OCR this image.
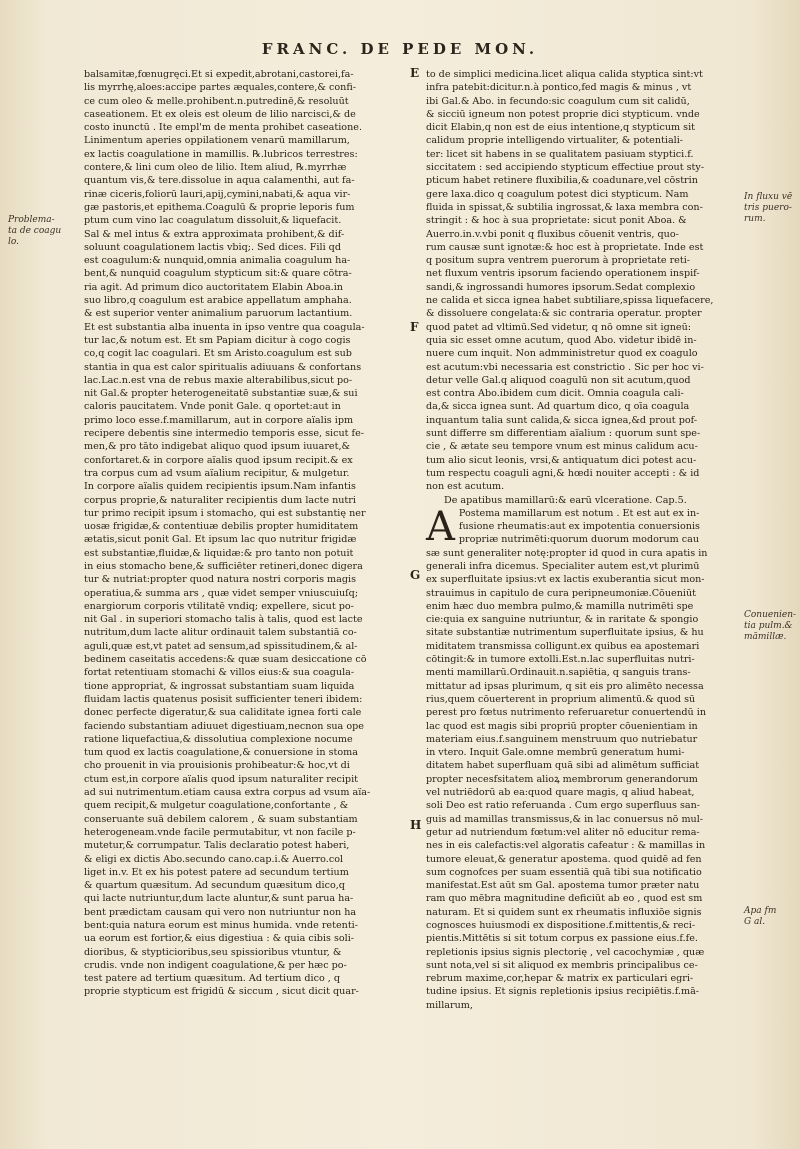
FRANC. DE PEDE MON.
E
F
G
H
Problema-
ta de coagu
lo.
In fluxu vē
tris puero-
rum.
Conuenien-
tia pulm.&
māmillæ.
Apa fm
G al.
balsamitæ,fœnugręci.Et si expedit,abrotani,castorei,fa-
lis myrrhę,aloes:accipe partes æquales,contere,& confi-
ce cum oleo & melle.prohibent.n.putredinē,& resoluūt
caseationem. Et ex oleis est oleum de lilio narcisci,& de
costo inunctū . Ite empl'm de menta prohibet caseatione.
Linimentum aperies oppilationem venarū mamillarum,
ex lactis coagulatione in mamillis. ℞.lubricos terrestres:
contere,& lini cum oleo de lilio. Item aliud, ℞.myrrhæ
quantum vis,& tere.dissolue in aqua calamenthi, aut fa-
rinæ ciceris,foliorū lauri,apij,cymini,nabati,& aqua vir-
gæ pastoris,et epithema.Coagulū & proprie leporis fum
ptum cum vino lac coagulatum dissoluit,& liquefacit.
Sal & mel intus & extra approximata prohibent,& dif-
soluunt coagulationem lactis vbiq;. Sed dices. Fili qd
est coagulum:& nunquid,omnia animalia coagulum ha-
bent,& nunquid coagulum stypticum sit:& quare cōtra-
ria agit. Ad primum dico auctoritatem Elabin Aboa.in
suo libro,q coagulum est arabice appellatum amphaha.
& est superior venter animalium paruorum lactantium.
Et est substantia alba inuenta in ipso ventre qua coagula-
tur lac,& notum est. Et sm Papiam dicitur à cogo cogis
co,q cogit lac coagulari. Et sm Aristo.coagulum est sub
stantia in qua est calor spiritualis adiuuans & confortans
lac.Lac.n.est vna de rebus maxie alterabilibus,sicut po-
nit Gal.& propter heterogeneitatē substantiæ suæ,& sui
caloris paucitatem. Vnde ponit Gale. q oportet:aut in
primo loco esse.f.mamillarum, aut in corpore aïalis ipm
recipere debentis sine intermedio temporis esse, sicut fe-
men,& pro tāto indigebat aliquo quod ipsum iuuaret,&
confortaret.& in corpore aïalis quod ipsum recipit.& ex
tra corpus cum ad vsum aïalium recipitur, & mulgetur.
In corpore aïalis quidem recipientis ipsum.Nam infantis
corpus proprie,& naturaliter recipientis dum lacte nutri
tur primo recipit ipsum i stomacho, qui est substantię ner
uosæ frigidæ,& contentiuæ debilis propter humiditatem
ætatis,sicut ponit Gal. Et ipsum lac quo nutritur frigidæ
est substantiæ,fluidæ,& liquidæ:& pro tanto non potuit
in eius stomacho bene,& sufficiēter retineri,donec digera
tur & nutriat:propter quod natura nostri corporis magis
operatiua,& summa ars , quæ videt semper vniuscuiuſq;
enargiorum corporis vtilitatē vndiq; expellere, sicut po-
nit Gal . in superiori stomacho talis à talis, quod est lacte
nutritum,dum lacte alitur ordinauit talem substantiā co-
aguli,quæ est,vt patet ad sensum,ad spissitudinem,& al-
bedinem caseitatis accedens:& quæ suam desiccatione cō
fortat retentiuam stomachi & villos eius:& sua coagula-
tione appropriat, & ingrossat substantiam suam liquida
fluidam lactis quatenus posisit sufficienter teneri ibidem:
donec perfecte digeratur,& sua caliditate ignea forti cale
faciendo substantiam adiuuet digestiuam,necnon sua ope
ratione liquefactiua,& dissolutiua complexione nocume
tum quod ex lactis coagulatione,& conuersione in stoma
cho prouenit in via prouisionis prohibeatur:& hoc,vt di
ctum est,in corpore aïalis quod ipsum naturaliter recipit
ad sui nutrimentum.etiam causa extra corpus ad vsum aïa-
quem recipit,& mulgetur coagulatione,confortante , &
conseruante suā debilem calorem , & suam substantiam
heterogeneam.vnde facile permutabitur, vt non facile p-
mutetur,& corrumpatur. Talis declaratio potest haberi,
& eligi ex dictis Abo.secundo cano.cap.i.& Auerro.col
liget in.v. Et ex his potest patere ad secundum tertium
& quartum quæsitum. Ad secundum quæsitum dico,q
qui lacte nutriuntur,dum lacte aluntur,& sunt parua ha-
bent prædictam causam qui vero non nutriuntur non ha
bent:quia natura eorum est minus humida. vnde retenti-
ua eorum est fortior,& eius digestiua : & quia cibis soli-
dioribus, & stypticioribus,seu spissioribus vtuntur, &
crudis. vnde non indigent coagulatione,& per hæc po-
test patere ad tertium quæsitum. Ad tertium dico , q
proprie stypticum est frigidū & siccum , sicut dicit quar-
to de simplici medicina.licet aliqua calida styptica sint:vt
infra patebit:dicitur.n.à pontico,fed magis & minus , vt
ibi Gal.& Abo. in fecundo:sic coagulum cum sit calidū,
& sicciū igneum non potest proprie dici stypticum. vnde
dicit Elabin,q non est de eius intentione,q stypticum sit
calidum proprie intelligendo virtualiter, & potentiali-
ter: licet sit habens in se qualitatem pasiuam styptici.f.
siccitatem : sed accipiendo stypticum effectiue prout sty-
pticum habet retinere fluxibilia,& coadunare,vel cōstrin
gere laxa.dico q coagulum potest dici stypticum. Nam
fluida in spissat,& subtilia ingrossat,& laxa membra con-
stringit : & hoc à sua proprietate: sicut ponit Aboa. &
Auerro.in.v.vbi ponit q fluxibus cōuenit ventris, quo-
rum causæ sunt ignotæ:& hoc est à proprietate. Inde est
q positum supra ventrem puerorum à proprietate reti-
net fluxum ventris ipsorum faciendo operationem inspif-
sandi,& ingrossandi humores ipsorum.Sedat complexio
ne calida et sicca ignea habet subtiliare,spissa liquefacere,
& dissoluere congelata:& sic contraria operatur. propter
quod patet ad vltimū.Sed videtur, q nō omne sit igneū:
quia sic esset omne acutum, quod Abo. videtur ibidē in-
nuere cum inquit. Non admministretur quod ex coagulo
est acutum:vbi necessaria est constrictio . Sic per hoc vi-
detur velle Gal.q aliquod coagulū non sit acutum,quod
est contra Abo.ibidem cum dicit. Omnia coagula cali-
da,& sicca ignea sunt. Ad quartum dico, q oīa coagula
inquantum talia sunt calida,& sicca ignea,&d prout pof-
sunt differre sm differentiam aïalium : quorum sunt spe-
cie , & ætate seu tempore vnum est minus calidum acu-
tum alio sicut leonis, vrsi,& antiquatum dici potest acu-
tum respectu coaguli agni,& hœdi nouiter accepti : & id
non est acutum.
De apatibus mamillarū:& earū vlceratione. Cap.5.
A Postema mamillarum est notum . Et est aut ex in-
fusione rheumatis:aut ex impotentia conuersionis
propriæ nutrimēti:quorum duorum modorum cau
sæ sunt generaliter notę:propter id quod in cura apatis in
generali infra dicemus. Specialiter autem est,vt plurimū
ex superfluitate ipsius:vt ex lactis exuberantia sicut mon-
strauimus in capitulo de cura peripneumoniæ.Cōueniūt
enim hæc duo membra pulmo,& mamilla nutrimēti spe
cie:quia ex sanguine nutriuntur, & in raritate & spongio
sitate substantiæ nutrimentum superfluitate ipsius, & hu
miditatem transmissa colligunt.ex quibus ea apostemari
cōtingit:& in tumore extolli.Est.n.lac superfluitas nutri-
menti mamillarū.Ordinauit.n.sapiētia, q sanguis trans-
mittatur ad ipsas plurimum, q sit eis pro alimēto necessa
rius,quem cōuerterent in proprium alimentū.& quod sū
perest pro fœtus nutrimento referuaretur conuertendū in
lac quod est magis sibi propriū propter cōuenientiam in
materiam eius.f.sanguinem menstruum quo nutriebatur
in vtero. Inquit Gale.omne membrū generatum humi-
ditatem habet superfluam quā sibi ad alimētum sufficiat
propter necesfsitatem alioꝝ membrorum generandorum
vel nutriēdorū ab ea:quod quare magis, q aliud habeat,
soli Deo est ratio referuanda . Cum ergo superfluus san-
guis ad mamillas transmissus,& in lac conuersus nō mul-
getur ad nutriendum fœtum:vel aliter nō educitur rema-
nes in eis calefactis:vel algoratis cafeatur : & mamillas in
tumore eleuat,& generatur apostema. quod quidē ad fen
sum cognofces per suam essentiā quā tibi sua notificatio
manifestat.Est aūt sm Gal. apostema tumor præter natu
ram quo mēbra magnitudine deficiūt ab eo , quod est sm
naturam. Et si quidem sunt ex rheumatis influxiōe signis
cognosces huiusmodi ex dispositione.f.mittentis,& reci-
pientis.Mittētis si sit totum corpus ex passione eius.f.fe.
repletionis ipsius signis plectorię , vel cacochymiæ , quæ
sunt nota,vel si sit aliquod ex membris principalibus ce-
rebrum maxime,cor,hepar & matrix ex particulari egri-
tudine ipsius. Et signis repletionis ipsius recipiētis.f.mā-
millarum,
